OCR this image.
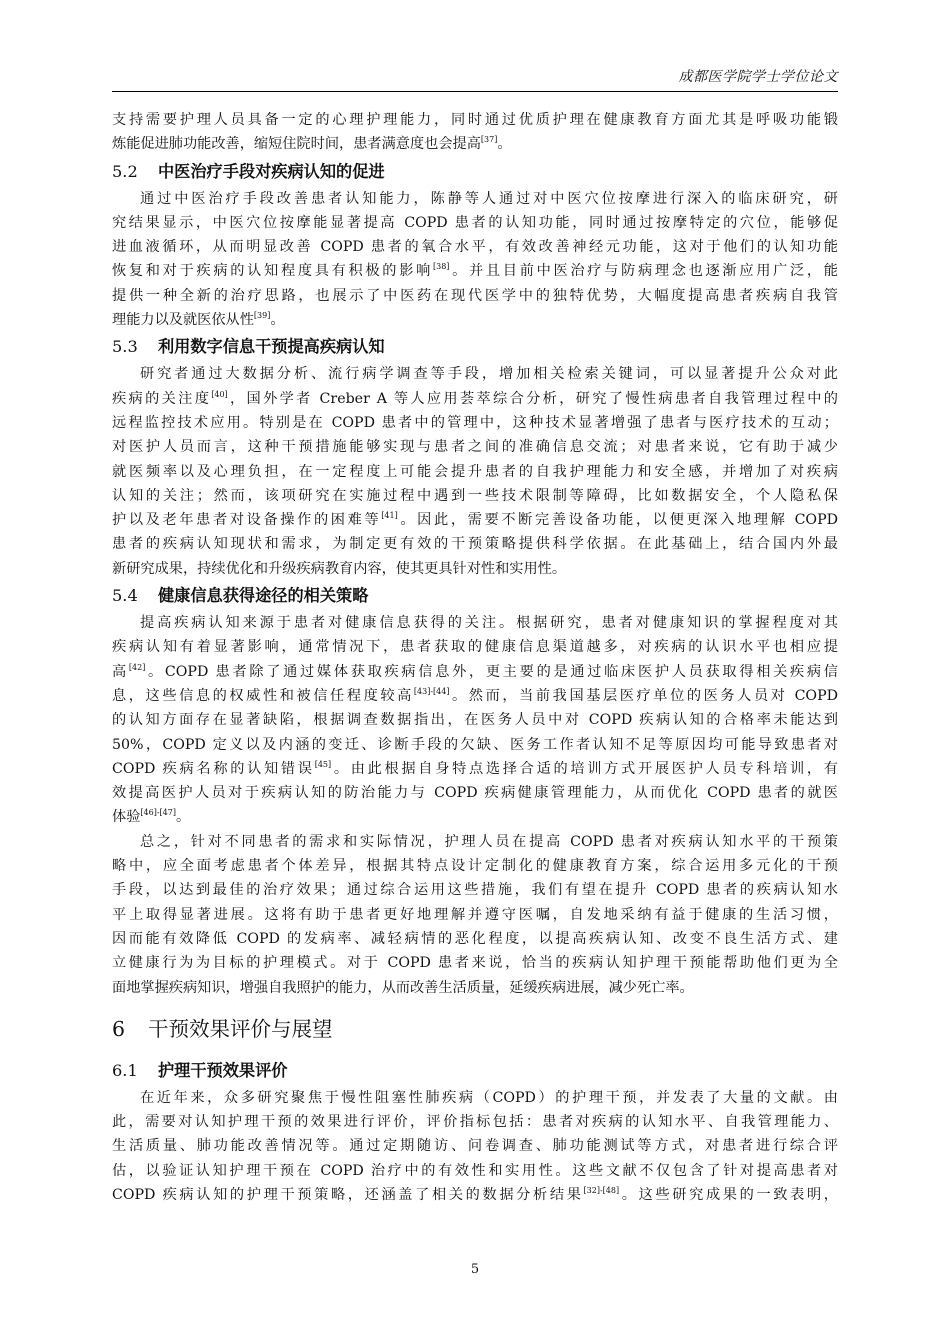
成都医学院学士学位论文
支持需要护理人员具备一定的心理护理能力，同时通过优质护理在健康教育方面尤其是呼吸功能锻
炼能促进肺功能改善，缩短住院时间，患者满意度也会提高[37]。
5.2 中医治疗手段对疾病认知的促进
通过中医治疗手段改善患者认知能力，陈静等人通过对中医穴位按摩进行深入的临床研究，研
究结果显示，中医穴位按摩能显著提高 COPD 患者的认知功能，同时通过按摩特定的穴位，能够促
进血液循环，从而明显改善 COPD 患者的氧合水平，有效改善神经元功能，这对于他们的认知功能
恢复和对于疾病的认知程度具有积极的影响[38]。并且目前中医治疗与防病理念也逐渐应用广泛，能
提供一种全新的治疗思路，也展示了中医药在现代医学中的独特优势，大幅度提高患者疾病自我管
理能力以及就医依从性[39]。
5.3 利用数字信息干预提高疾病认知
研究者通过大数据分析、流行病学调查等手段，增加相关检索关键词，可以显著提升公众对此
疾病的关注度[40]，国外学者 Creber A 等人应用荟萃综合分析，研究了慢性病患者自我管理过程中的
远程监控技术应用。特别是在 COPD 患者中的管理中，这种技术显著增强了患者与医疗技术的互动；
对医护人员而言，这种干预措施能够实现与患者之间的准确信息交流；对患者来说，它有助于减少
就医频率以及心理负担，在一定程度上可能会提升患者的自我护理能力和安全感，并增加了对疾病
认知的关注；然而，该项研究在实施过程中遇到一些技术限制等障碍，比如数据安全，个人隐私保
护以及老年患者对设备操作的困难等[41]。因此，需要不断完善设备功能，以便更深入地理解 COPD
患者的疾病认知现状和需求，为制定更有效的干预策略提供科学依据。在此基础上，结合国内外最
新研究成果，持续优化和升级疾病教育内容，使其更具针对性和实用性。
5.4 健康信息获得途径的相关策略
提高疾病认知来源于患者对健康信息获得的关注。根据研究，患者对健康知识的掌握程度对其
疾病认知有着显著影响，通常情况下，患者获取的健康信息渠道越多，对疾病的认识水平也相应提
高[42]。COPD 患者除了通过媒体获取疾病信息外，更主要的是通过临床医护人员获取得相关疾病信
息，这些信息的权威性和被信任程度较高[43]-[44]。然而，当前我国基层医疗单位的医务人员对 COPD
的认知方面存在显著缺陷，根据调查数据指出，在医务人员中对 COPD 疾病认知的合格率未能达到
50%，COPD 定义以及内涵的变迁、诊断手段的欠缺、医务工作者认知不足等原因均可能导致患者对
COPD 疾病名称的认知错误[45]。由此根据自身特点选择合适的培训方式开展医护人员专科培训，有
效提高医护人员对于疾病认知的防治能力与 COPD 疾病健康管理能力，从而优化 COPD 患者的就医
体验[46]-[47]。
总之，针对不同患者的需求和实际情况，护理人员在提高 COPD 患者对疾病认知水平的干预策
略中，应全面考虑患者个体差异，根据其特点设计定制化的健康教育方案，综合运用多元化的干预
手段，以达到最佳的治疗效果；通过综合运用这些措施，我们有望在提升 COPD 患者的疾病认知水
平上取得显著进展。这将有助于患者更好地理解并遵守医嘱，自发地采纳有益于健康的生活习惯，
因而能有效降低 COPD 的发病率、减轻病情的恶化程度，以提高疾病认知、改变不良生活方式、建
立健康行为为目标的护理模式。对于 COPD 患者来说，恰当的疾病认知护理干预能帮助他们更为全
面地掌握疾病知识，增强自我照护的能力，从而改善生活质量，延缓疾病进展，减少死亡率。
6 干预效果评价与展望
6.1 护理干预效果评价
在近年来，众多研究聚焦于慢性阻塞性肺疾病（COPD）的护理干预，并发表了大量的文献。由
此，需要对认知护理干预的效果进行评价，评价指标包括：患者对疾病的认知水平、自我管理能力、
生活质量、肺功能改善情况等。通过定期随访、问卷调查、肺功能测试等方式，对患者进行综合评
估，以验证认知护理干预在 COPD 治疗中的有效性和实用性。这些文献不仅包含了针对提高患者对
COPD 疾病认知的护理干预策略，还涵盖了相关的数据分析结果[32]-[48]。这些研究成果的一致表明，
5
